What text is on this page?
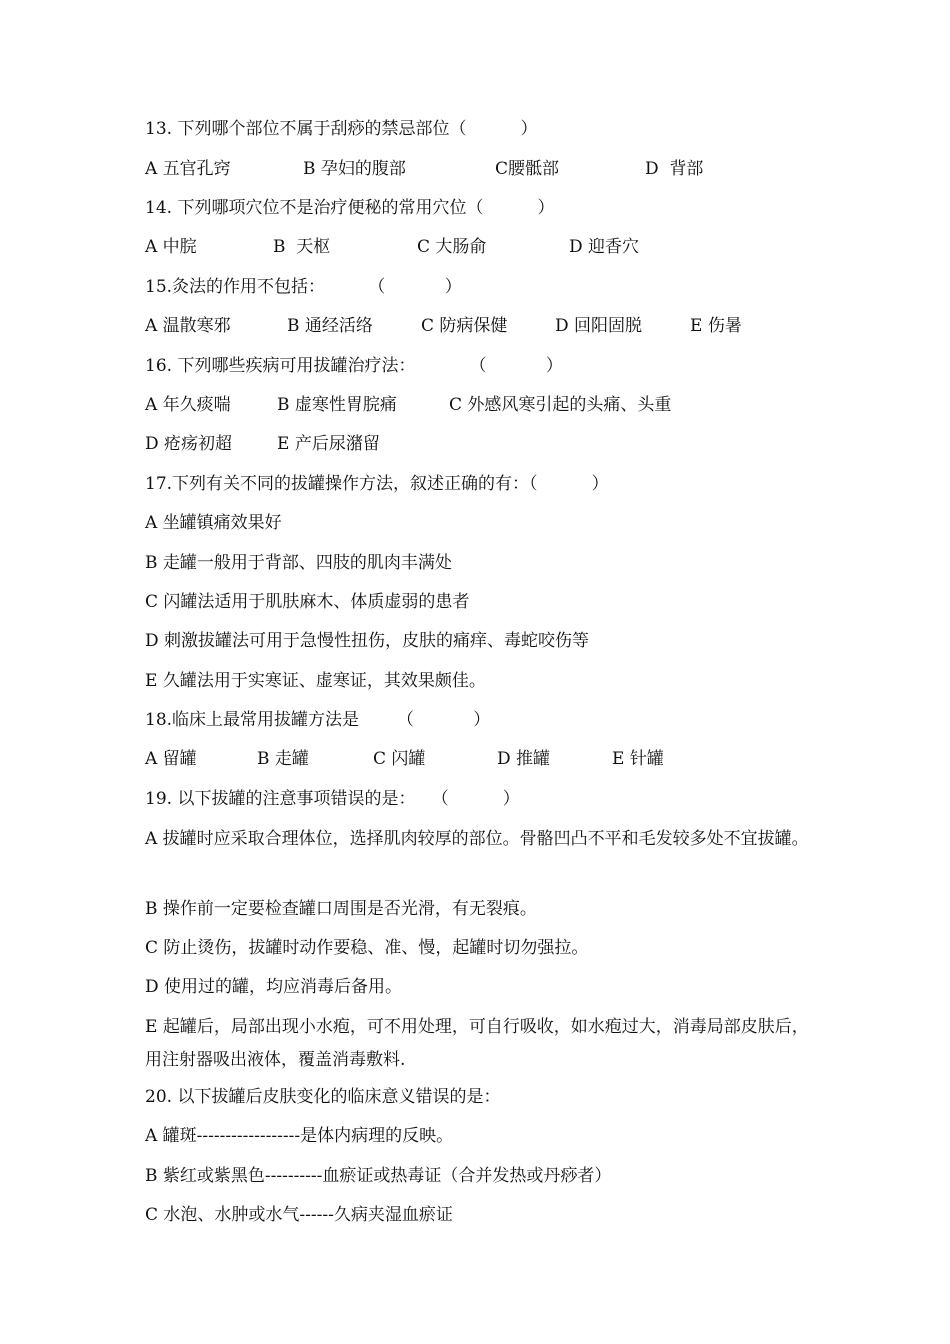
13. 下列哪个部位不属于刮痧的禁忌部位（          ）

A 五官孔窍

	B 孕妇的腹部

	C腰骶部

	D  背部

14. 下列哪项穴位不是治疗便秘的常用穴位（          ）

A 中脘

	B  天枢

	C 大肠俞

	D 迎香穴

15.灸法的作用不包括：        （           ）

A 温散寒邪

	B 通经活络

	C 防病保健

	D 回阳固脱

	E 伤暑

16. 下列哪些疾病可用拔罐治疗法：          （           ）

A 年久痰喘

	B 虚寒性胃脘痛

	C 外感风寒引起的头痛、头重

D 疮疡初超

	E 产后尿潴留

17.下列有关不同的拔罐操作方法，叙述正确的有：（          ）
A 坐罐镇痛效果好
B 走罐一般用于背部、四肢的肌肉丰满处
C 闪罐法适用于肌肤麻木、体质虚弱的患者
D 刺激拔罐法可用于急慢性扭伤，皮肤的痛痒、毒蛇咬伤等
E 久罐法用于实寒证、虚寒证，其效果颇佳。
18.临床上最常用拔罐方法是       （           ）

A 留罐

	B 走罐

	C 闪罐

	D 推罐

	E 针罐

19. 以下拔罐的注意事项错误的是：   （          ）
A 拔罐时应采取合理体位，选择肌肉较厚的部位。骨骼凹凸不平和毛发较多处不宜拔罐。
B 操作前一定要检查罐口周围是否光滑，有无裂痕。
C 防止烫伤，拔罐时动作要稳、准、慢，起罐时切勿强拉。
D 使用过的罐，均应消毒后备用。
E 起罐后，局部出现小水疱，可不用处理，可自行吸收，如水疱过大，消毒局部皮肤后，用注射器吸出液体，覆盖消毒敷料.
20. 以下拔罐后皮肤变化的临床意义错误的是：
A 罐斑------------------是体内病理的反映。
B 紫红或紫黑色----------血瘀证或热毒证（合并发热或丹痧者）
C 水泡、水肿或水气------久病夹湿血瘀证
